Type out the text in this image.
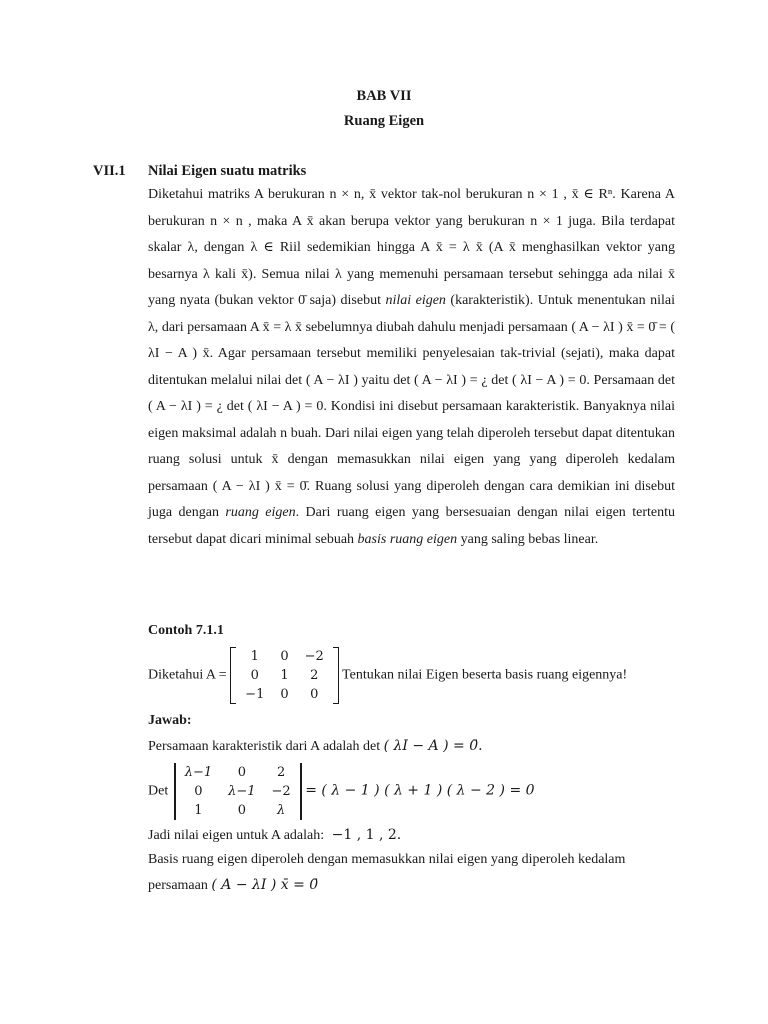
BAB VII
Ruang Eigen
VII.1 Nilai Eigen suatu matriks

Diketahui matriks A berukuran n × n, x̄ vektor tak-nol berukuran n × 1 , x̄ ∈ Rⁿ. Karena A berukuran n × n , maka A x̄ akan berupa vektor yang berukuran n × 1 juga. Bila terdapat skalar λ, dengan λ ∈ Riil sedemikian hingga A x̄ = λ x̄ (A x̄ menghasilkan vektor yang besarnya λ kali x̄). Semua nilai λ yang memenuhi persamaan tersebut sehingga ada nilai x̄ yang nyata (bukan vektor 0̄ saja) disebut nilai eigen (karakteristik). Untuk menentukan nilai λ, dari persamaan A x̄ = λ x̄ sebelumnya diubah dahulu menjadi persamaan ( A − λI ) x̄ = 0̄ = ( λI − A ) x̄. Agar persamaan tersebut memiliki penyelesaian tak-trivial (sejati), maka dapat ditentukan melalui nilai det ( A − λI ) yaitu det ( A − λI ) = ¿ det ( λI − A ) = 0. Persamaan det ( A − λI ) = ¿ det ( λI − A ) = 0. Kondisi ini disebut persamaan karakteristik. Banyaknya nilai eigen maksimal adalah n buah. Dari nilai eigen yang telah diperoleh tersebut dapat ditentukan ruang solusi untuk x̄ dengan memasukkan nilai eigen yang yang diperoleh kedalam persamaan ( A − λI ) x̄ = 0̄. Ruang solusi yang diperoleh dengan cara demikian ini disebut juga dengan ruang eigen. Dari ruang eigen yang bersesuaian dengan nilai eigen tertentu tersebut dapat dicari minimal sebuah basis ruang eigen yang saling bebas linear.

Contoh 7.1.1
Diketahui A =
1	0	−2
0	1	2
−1	0	0
Tentukan nilai Eigen beserta basis ruang eigennya!
Jawab:
Persamaan karakteristik dari A adalah det ( λI − A ) = 0̄.
Det
λ−1	0	2
0	λ−1	−2
1	0	λ
= ( λ − 1 ) ( λ + 1 ) ( λ − 2 ) = 0
Jadi nilai eigen untuk A adalah: −1 , 1 , 2.
Basis ruang eigen diperoleh dengan memasukkan nilai eigen yang diperoleh kedalam
persamaan ( A − λI ) x̄ = 0̄
